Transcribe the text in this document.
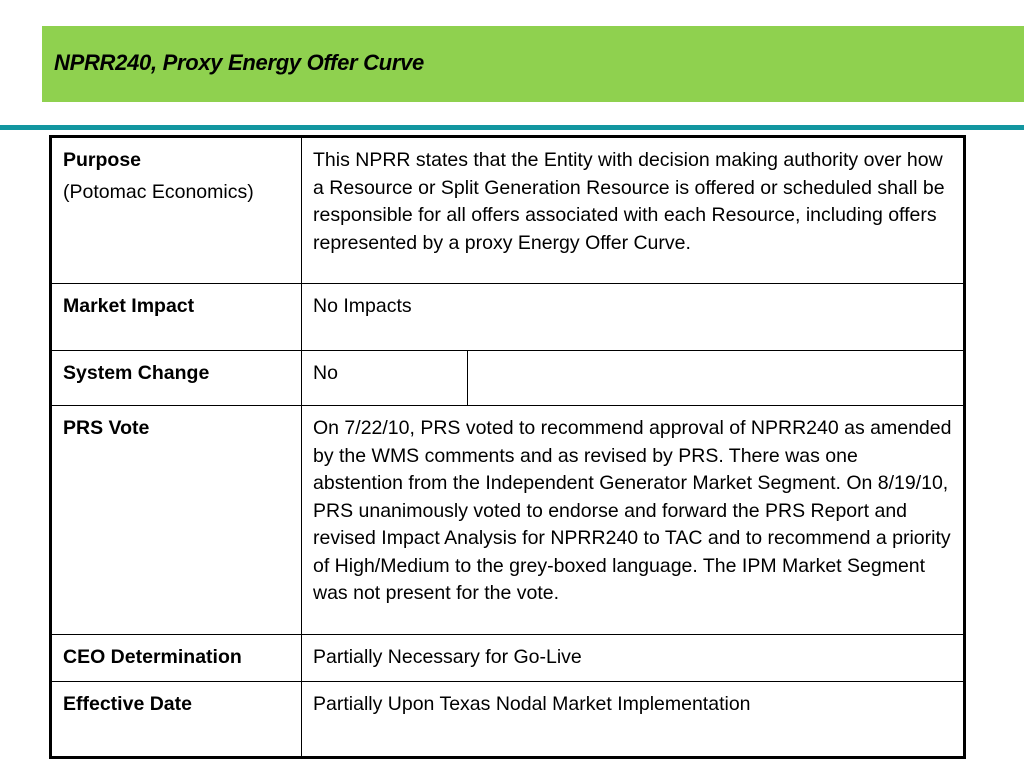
NPRR240, Proxy Energy Offer Curve
Purpose
(Potomac Economics)	This NPRR states that the Entity with decision making authority over how a Resource or Split Generation Resource is offered or scheduled shall be responsible for all offers associated with each Resource, including offers represented by a proxy Energy Offer Curve.	

Market Impact	No Impacts	

System Change	No	

PRS Vote	On 7/22/10, PRS voted to recommend approval of NPRR240 as amended by the WMS comments and as revised by PRS. There was one abstention from the Independent Generator Market Segment. On 8/19/10, PRS unanimously voted to endorse and forward the PRS Report and revised Impact Analysis for NPRR240 to TAC and to recommend a priority of High/Medium to the grey-boxed language. The IPM Market Segment was not present for the vote.	

CEO Determination	Partially Necessary for Go-Live	

Effective Date	Partially Upon Texas Nodal Market Implementation	
